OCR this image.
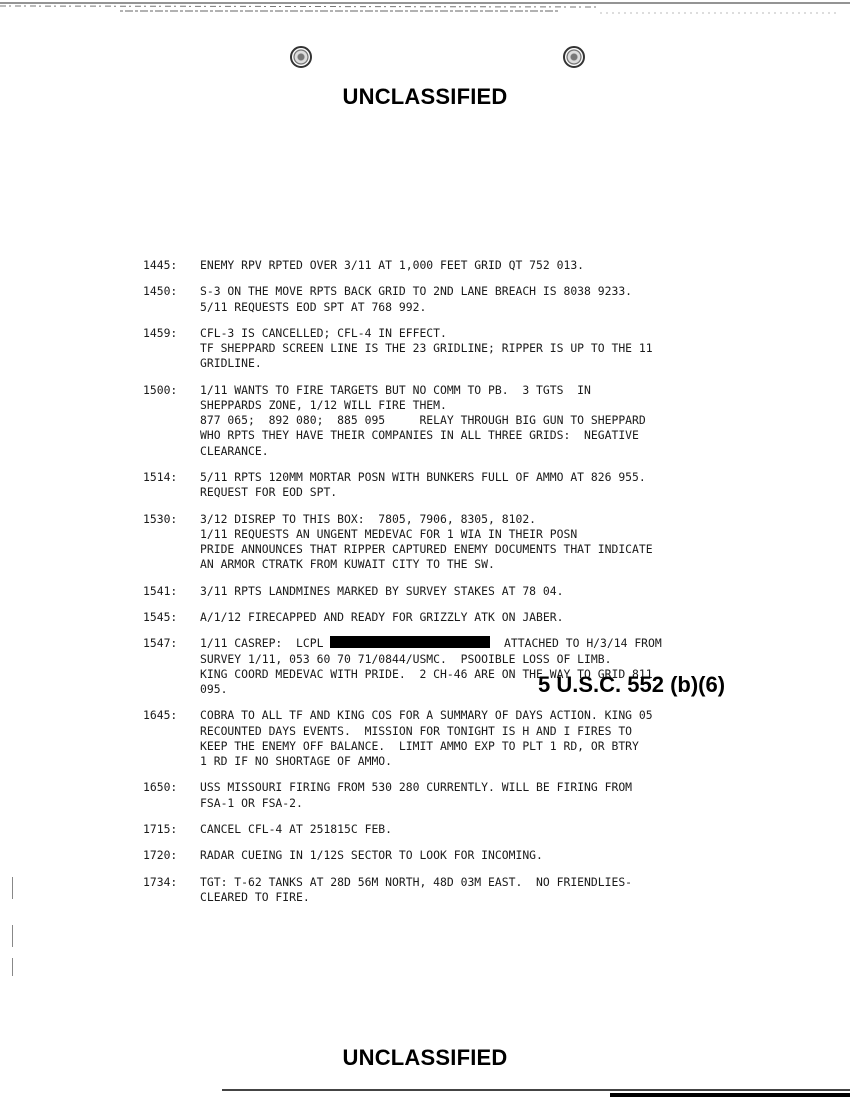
UNCLASSIFIED
1445:	ENEMY RPV RPTED OVER 3/11 AT 1,000 FEET GRID QT 752 013.
1450:	S-3 ON THE MOVE RPTS BACK GRID TO 2ND LANE BREACH IS 8038 9233.
5/11 REQUESTS EOD SPT AT 768 992.
1459:	CFL-3 IS CANCELLED; CFL-4 IN EFFECT.
TF SHEPPARD SCREEN LINE IS THE 23 GRIDLINE; RIPPER IS UP TO THE 11
GRIDLINE.
1500:	1/11 WANTS TO FIRE TARGETS BUT NO COMM TO PB.  3 TGTS  IN
SHEPPARDS ZONE, 1/12 WILL FIRE THEM.
877 065;  892 080;  885 095     RELAY THROUGH BIG GUN TO SHEPPARD
WHO RPTS THEY HAVE THEIR COMPANIES IN ALL THREE GRIDS:  NEGATIVE
CLEARANCE.
1514:	5/11 RPTS 120MM MORTAR POSN WITH BUNKERS FULL OF AMMO AT 826 955.
REQUEST FOR EOD SPT.
1530:	3/12 DISREP TO THIS BOX:  7805, 7906, 8305, 8102.
1/11 REQUESTS AN UNGENT MEDEVAC FOR 1 WIA IN THEIR POSN
PRIDE ANNOUNCES THAT RIPPER CAPTURED ENEMY DOCUMENTS THAT INDICATE
AN ARMOR CTRATK FROM KUWAIT CITY TO THE SW.
1541:	3/11 RPTS LANDMINES MARKED BY SURVEY STAKES AT 78 04.
1545:	A/1/12 FIRECAPPED AND READY FOR GRIZZLY ATK ON JABER.
1547:	1/11 CASREP:  LCPL	ATTACHED TO H/3/14 FROM
SURVEY 1/11, 053 60 70 71/0844/USMC.  PSOOIBLE LOSS OF LIMB.
KING COORD MEDEVAC WITH PRIDE.  2 CH-46 ARE ON THE WAY TO GRID 811
095.
1645:	COBRA TO ALL TF AND KING COS FOR A SUMMARY OF DAYS ACTION. KING 05
RECOUNTED DAYS EVENTS.  MISSION FOR TONIGHT IS H AND I FIRES TO
KEEP THE ENEMY OFF BALANCE.  LIMIT AMMO EXP TO PLT 1 RD, OR BTRY
1 RD IF NO SHORTAGE OF AMMO.
1650:	USS MISSOURI FIRING FROM 530 280 CURRENTLY. WILL BE FIRING FROM
FSA-1 OR FSA-2.
1715:	CANCEL CFL-4 AT 251815C FEB.
1720:	RADAR CUEING IN 1/12S SECTOR TO LOOK FOR INCOMING.
1734:	TGT: T-62 TANKS AT 28D 56M NORTH, 48D 03M EAST.  NO FRIENDLIES-
CLEARED TO FIRE.
5 U.S.C. 552 (b)(6)
UNCLASSIFIED
